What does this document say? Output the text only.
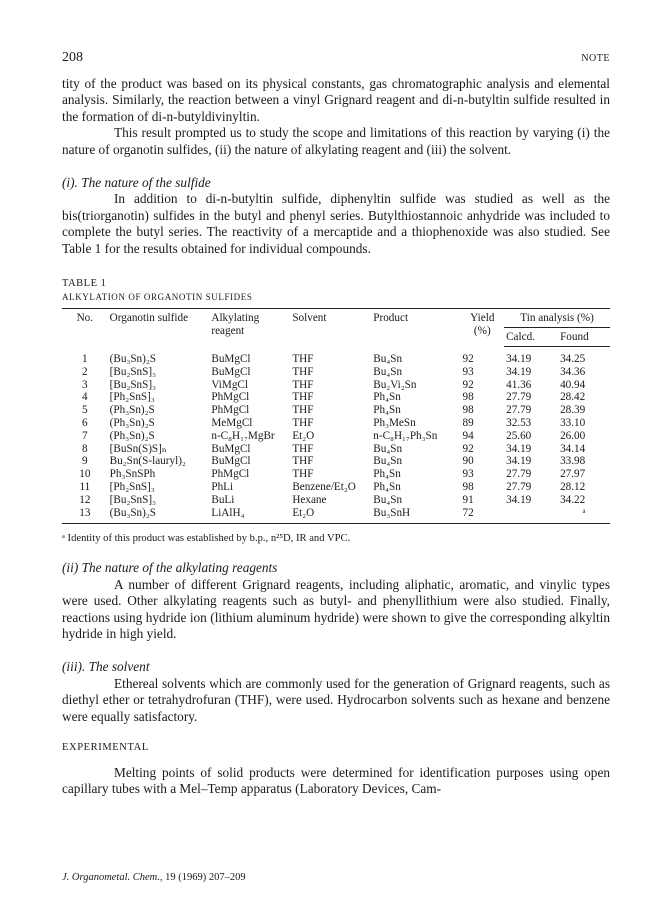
208	NOTE

tity of the product was based on its physical constants, gas chromatographic analysis and elemental analysis. Similarly, the reaction between a vinyl Grignard reagent and di-n-butyltin sulfide resulted in the formation of di-n-butyldivinyltin.

This result prompted us to study the scope and limitations of this reaction by varying (i) the nature of organotin sulfides, (ii) the nature of alkylating reagent and (iii) the solvent.

(i). The nature of the sulfide

In addition to di-n-butyltin sulfide, diphenyltin sulfide was studied as well as the bis(triorganotin) sulfides in the butyl and phenyl series. Butylthiostannoic anhydride was included to complete the butyl series. The reactivity of a mercaptide and a thiophenoxide was also studied. See Table 1 for the results obtained for individual compounds.

TABLE 1
ALKYLATION OF ORGANOTIN SULFIDES
No.	Organotin sulfide	Alkylating reagent	Solvent	Product	Yield (%)	Tin analysis (%)	
						Calcd.	Found
1	(Bu₃Sn)₂S	BuMgCl	THF	Bu₄Sn	92	34.19	34.25
2	[Bu₂SnS]₃	BuMgCl	THF	Bu₄Sn	93	34.19	34.36
3	[Bu₂SnS]₃	ViMgCl	THF	Bu₂Vi₂Sn	92	41.36	40.94
4	[Ph₂SnS]₃	PhMgCl	THF	Ph₄Sn	98	27.79	28.42
5	(Ph₃Sn)₂S	PhMgCl	THF	Ph₄Sn	98	27.79	28.39
6	(Ph₃Sn)₂S	MeMgCl	THF	Ph₃MeSn	89	32.53	33.10
7	(Ph₃Sn)₂S	n-C₈H₁₇MgBr	Et₂O	n-C₈H₁₇Ph₃Sn	94	25.60	26.00
8	[BuSn(S)S]ₙ	BuMgCl	THF	Bu₄Sn	92	34.19	34.14
9	Bu₂Sn(S-lauryl)₂	BuMgCl	THF	Bu₄Sn	90	34.19	33.98
10	Ph₃SnSPh	PhMgCl	THF	Ph₄Sn	93	27.79	27.97
11	[Ph₂SnS]₃	PhLi	Benzene/Et₂O	Ph₄Sn	98	27.79	28.12
12	[Bu₂SnS]₃	BuLi	Hexane	Bu₄Sn	91	34.19	34.22
13	(Bu₃Sn)₂S	LiAlH₄	Et₂O	Bu₃SnH	72		ᵃ
ᵃ Identity of this product was established by b.p., n²⁵D, IR and VPC.
(ii) The nature of the alkylating reagents

A number of different Grignard reagents, including aliphatic, aromatic, and vinylic types were used. Other alkylating reagents such as butyl- and phenyllithium were also studied. Finally, reactions using hydride ion (lithium aluminum hydride) were shown to give the corresponding alkyltin hydride in high yield.

(iii). The solvent

Ethereal solvents which are commonly used for the generation of Grignard reagents, such as diethyl ether or tetrahydrofuran (THF), were used. Hydrocarbon solvents such as hexane and benzene were equally satisfactory.

EXPERIMENTAL

Melting points of solid products were determined for identification purposes using open capillary tubes with a Mel–Temp apparatus (Laboratory Devices, Cam-

J. Organometal. Chem., 19 (1969) 207–209
